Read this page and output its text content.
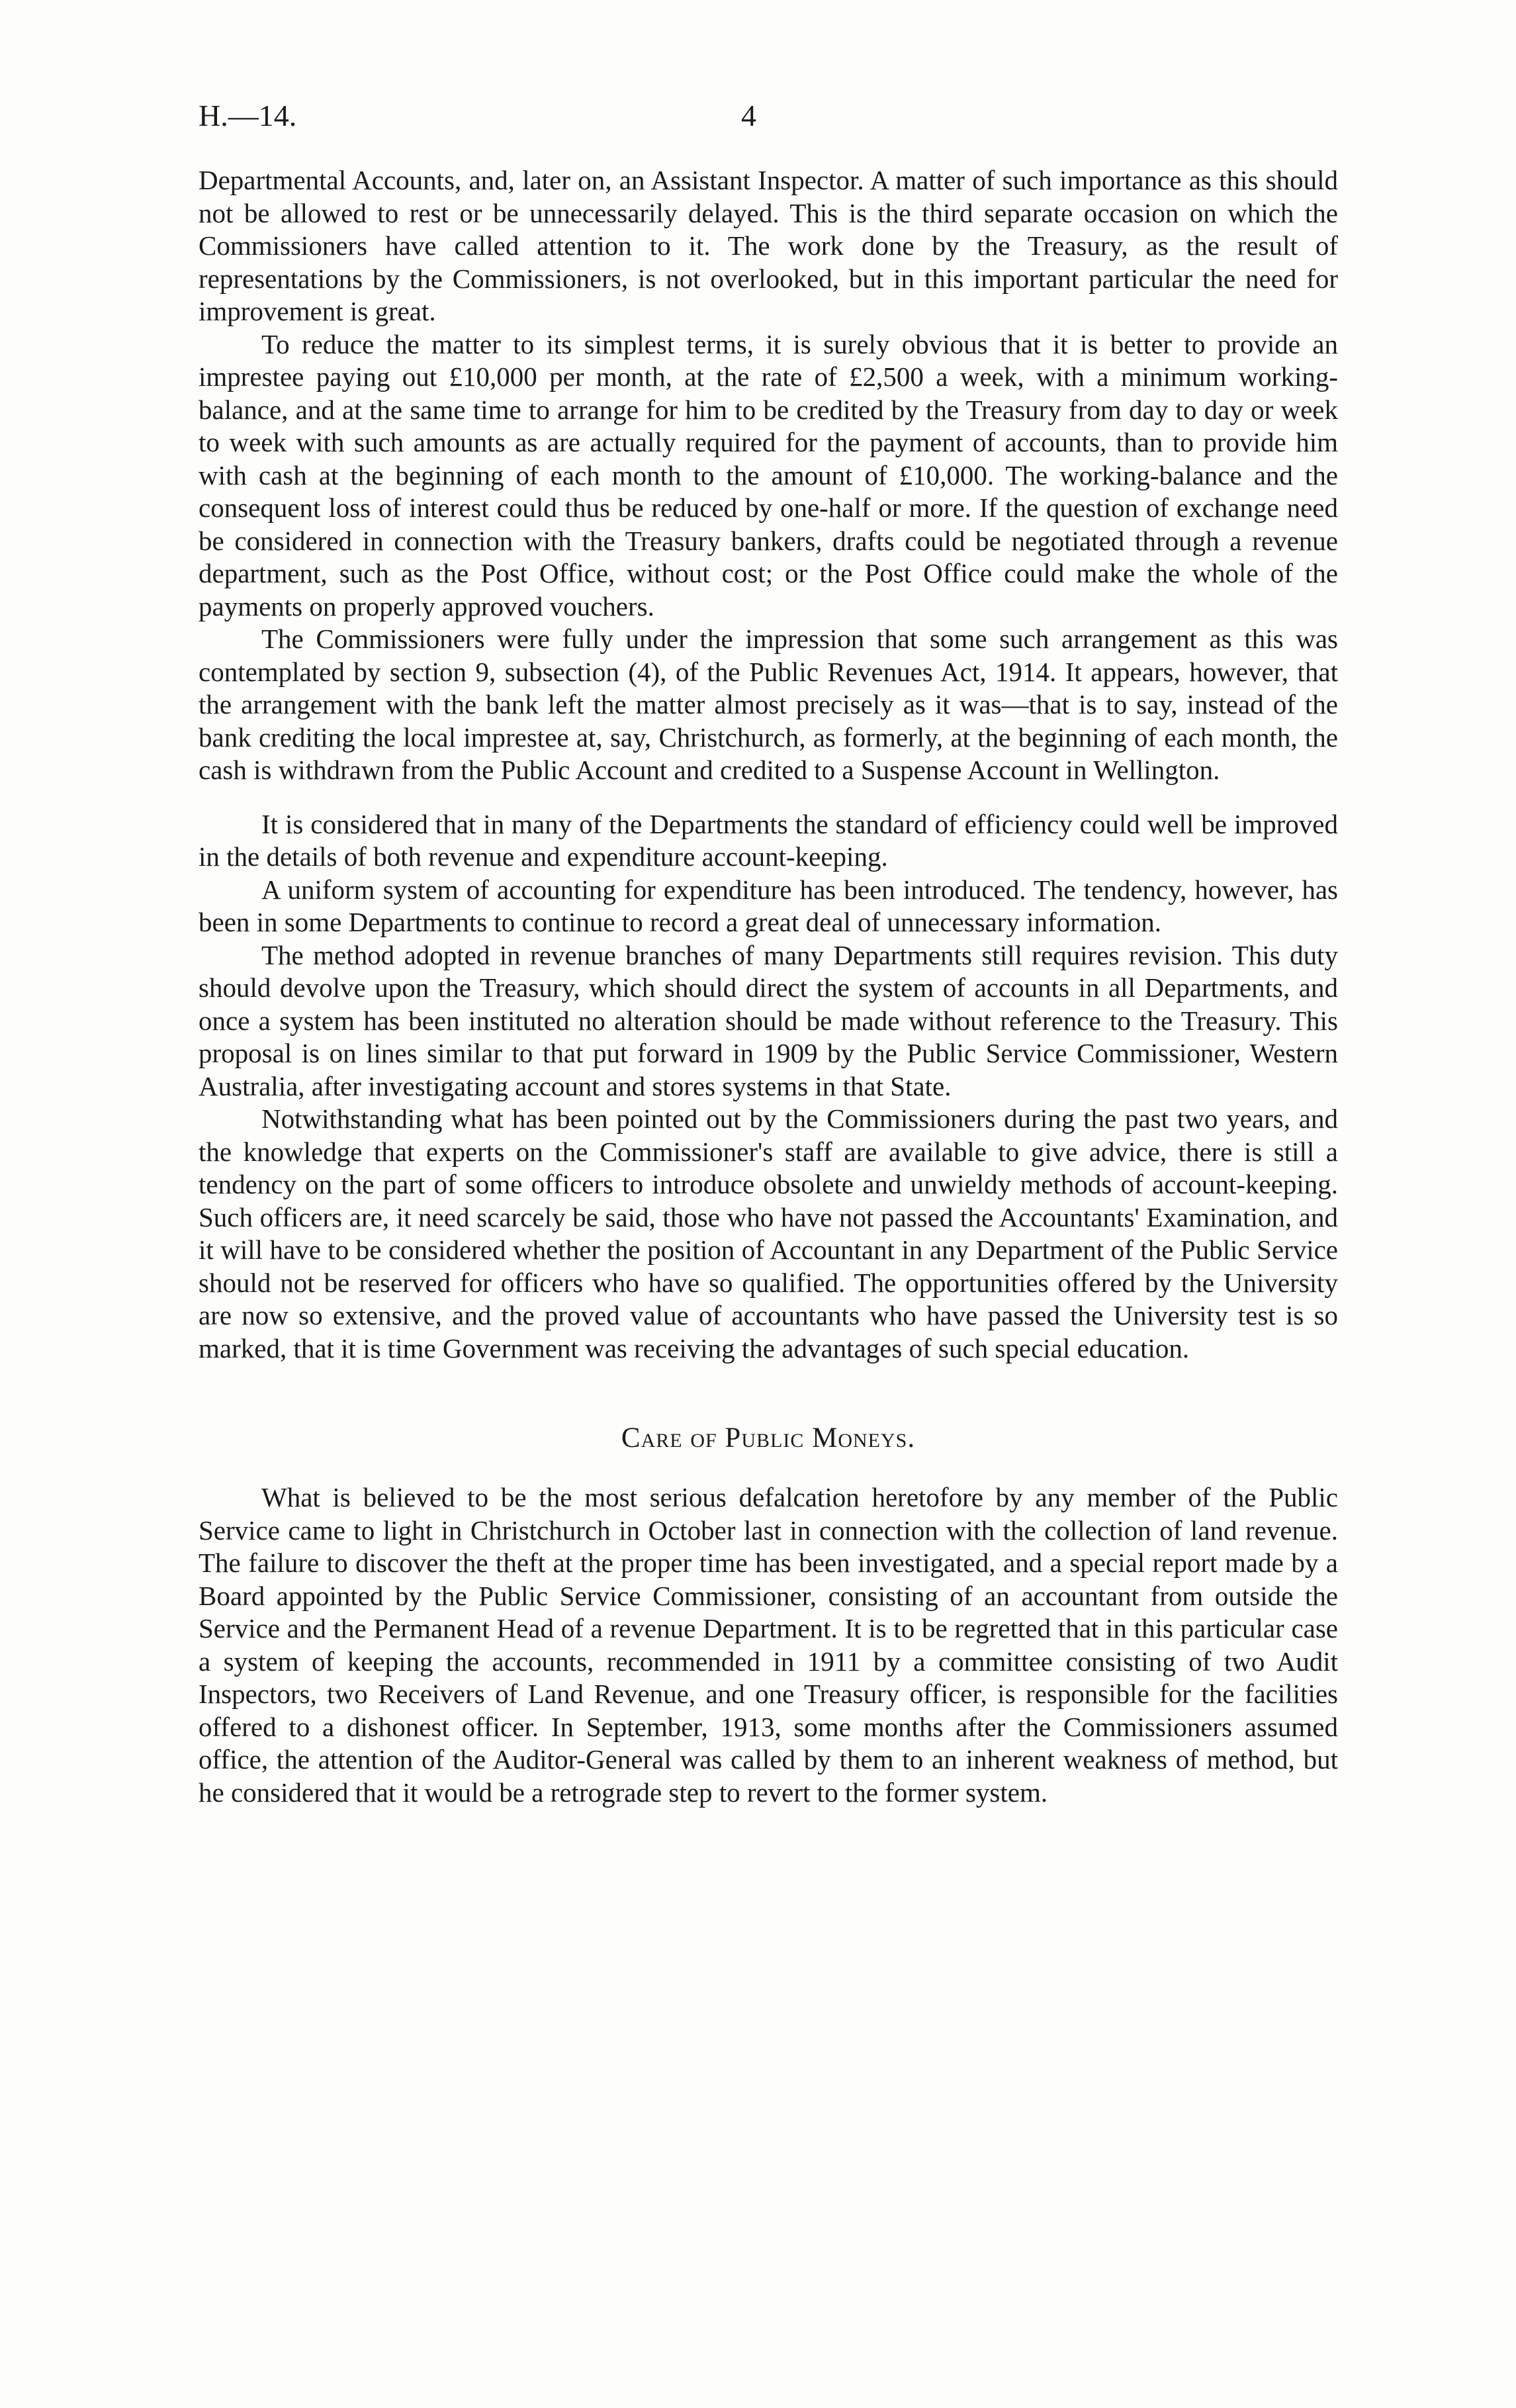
H.—14.	4

Departmental Accounts, and, later on, an Assistant Inspector. A matter of such importance as this should not be allowed to rest or be unnecessarily delayed. This is the third separate occasion on which the Commissioners have called attention to it. The work done by the Treasury, as the result of representations by the Commissioners, is not overlooked, but in this important particular the need for improvement is great.

To reduce the matter to its simplest terms, it is surely obvious that it is better to provide an imprestee paying out £10,000 per month, at the rate of £2,500 a week, with a minimum working-balance, and at the same time to arrange for him to be credited by the Treasury from day to day or week to week with such amounts as are actually required for the payment of accounts, than to provide him with cash at the beginning of each month to the amount of £10,000. The working-balance and the consequent loss of interest could thus be reduced by one-half or more. If the question of exchange need be considered in connection with the Treasury bankers, drafts could be negotiated through a revenue department, such as the Post Office, without cost; or the Post Office could make the whole of the payments on properly approved vouchers.

The Commissioners were fully under the impression that some such arrangement as this was contemplated by section 9, subsection (4), of the Public Revenues Act, 1914. It appears, however, that the arrangement with the bank left the matter almost precisely as it was—that is to say, instead of the bank crediting the local imprestee at, say, Christchurch, as formerly, at the beginning of each month, the cash is withdrawn from the Public Account and credited to a Suspense Account in Wellington.

It is considered that in many of the Departments the standard of efficiency could well be improved in the details of both revenue and expenditure account-keeping.

A uniform system of accounting for expenditure has been introduced. The tendency, however, has been in some Departments to continue to record a great deal of unnecessary information.

The method adopted in revenue branches of many Departments still requires revision. This duty should devolve upon the Treasury, which should direct the system of accounts in all Departments, and once a system has been instituted no alteration should be made without reference to the Treasury. This proposal is on lines similar to that put forward in 1909 by the Public Service Commissioner, Western Australia, after investigating account and stores systems in that State.

Notwithstanding what has been pointed out by the Commissioners during the past two years, and the knowledge that experts on the Commissioner's staff are available to give advice, there is still a tendency on the part of some officers to introduce obsolete and unwieldy methods of account-keeping. Such officers are, it need scarcely be said, those who have not passed the Accountants' Examination, and it will have to be considered whether the position of Accountant in any Department of the Public Service should not be reserved for officers who have so qualified. The opportunities offered by the University are now so extensive, and the proved value of accountants who have passed the University test is so marked, that it is time Government was receiving the advantages of such special education.

Care of Public Moneys.

What is believed to be the most serious defalcation heretofore by any member of the Public Service came to light in Christchurch in October last in connection with the collection of land revenue. The failure to discover the theft at the proper time has been investigated, and a special report made by a Board appointed by the Public Service Commissioner, consisting of an accountant from outside the Service and the Permanent Head of a revenue Department. It is to be regretted that in this particular case a system of keeping the accounts, recommended in 1911 by a committee consisting of two Audit Inspectors, two Receivers of Land Revenue, and one Treasury officer, is responsible for the facilities offered to a dishonest officer. In September, 1913, some months after the Commissioners assumed office, the attention of the Auditor-General was called by them to an inherent weakness of method, but he considered that it would be a retrograde step to revert to the former system.
